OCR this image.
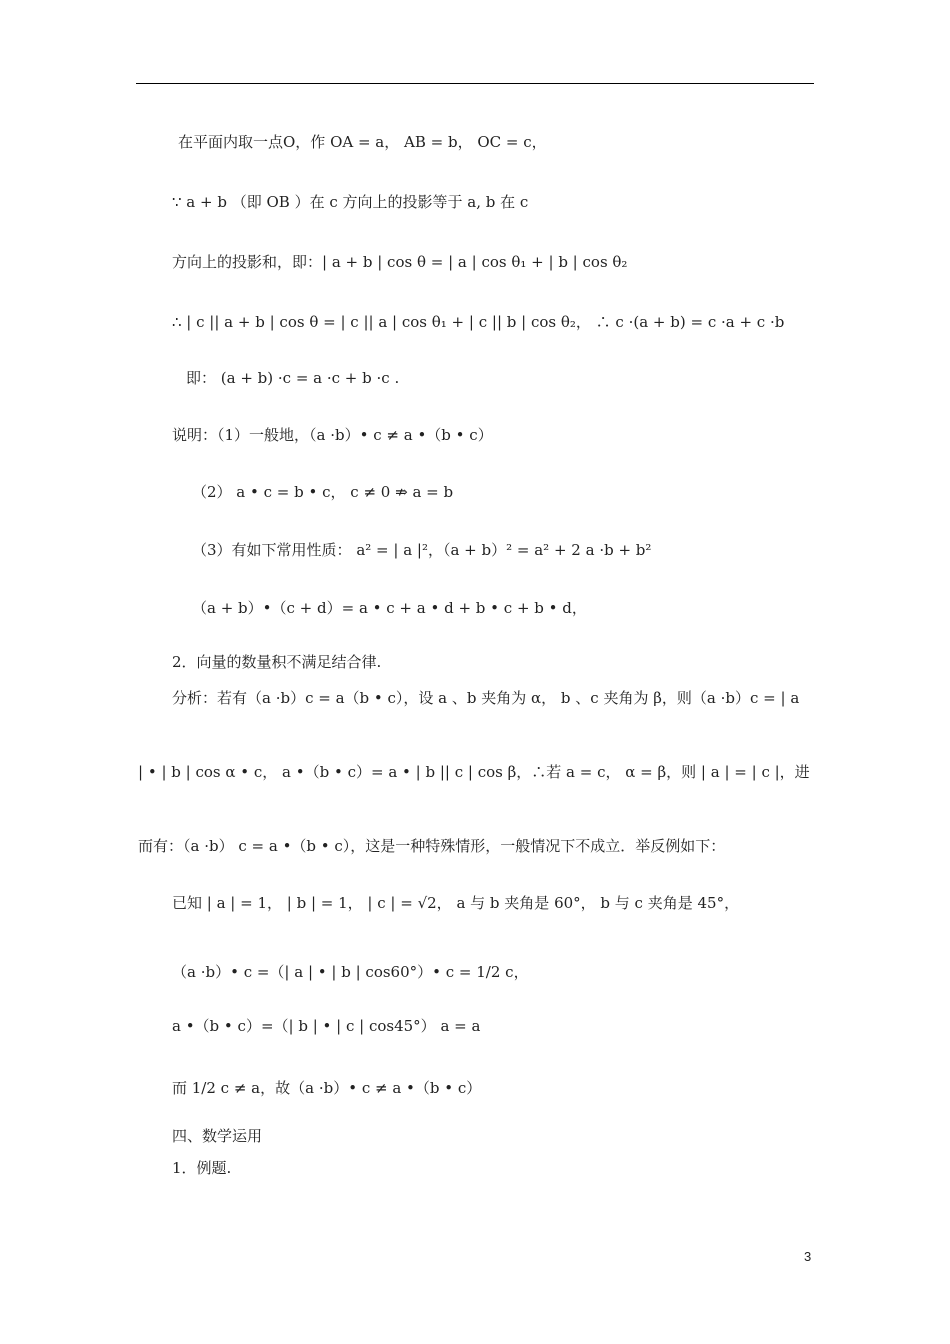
在平面内取一点O，作 OA = a， AB = b， OC = c，
∵ a + b （即 OB ）在 c 方向上的投影等于 a, b 在 c
方向上的投影和，即：| a + b | cos θ = | a | cos θ₁ + | b | cos θ₂
∴ | c || a + b | cos θ = | c || a | cos θ₁ + | c || b | cos θ₂， ∴ c ·(a + b) = c ·a + c ·b
即： (a + b) ·c = a ·c + b ·c .
说明：（1）一般地，（a ·b）• c ≠ a •（b • c）
（2） a • c = b • c， c ≠ 0 ⇏ a = b
（3）有如下常用性质： a² = | a |²，（a + b）² = a² + 2 a ·b + b²
（a + b）•（c + d）= a • c + a • d + b • c + b • d，
2．向量的数量积不满足结合律.
分析：若有（a ·b）c = a（b • c），设 a 、b 夹角为 α， b 、c 夹角为 β，则（a ·b）c = | a
| • | b | cos α • c， a •（b • c）= a • | b || c | cos β，∴若 a = c， α = β，则 | a | = | c |，进
而有：（a ·b） c = a •（b • c），这是一种特殊情形，一般情况下不成立．举反例如下：
已知 | a | = 1， | b | = 1， | c | = √2， a 与 b 夹角是 60°， b 与 c 夹角是 45°，
（a ·b）• c =（| a | • | b | cos60°）• c = 1/2 c，
a •（b • c）=（| b | • | c | cos45°） a = a
而 1/2 c ≠ a，故（a ·b）• c ≠ a •（b • c）
四、数学运用
1．例题.
3
